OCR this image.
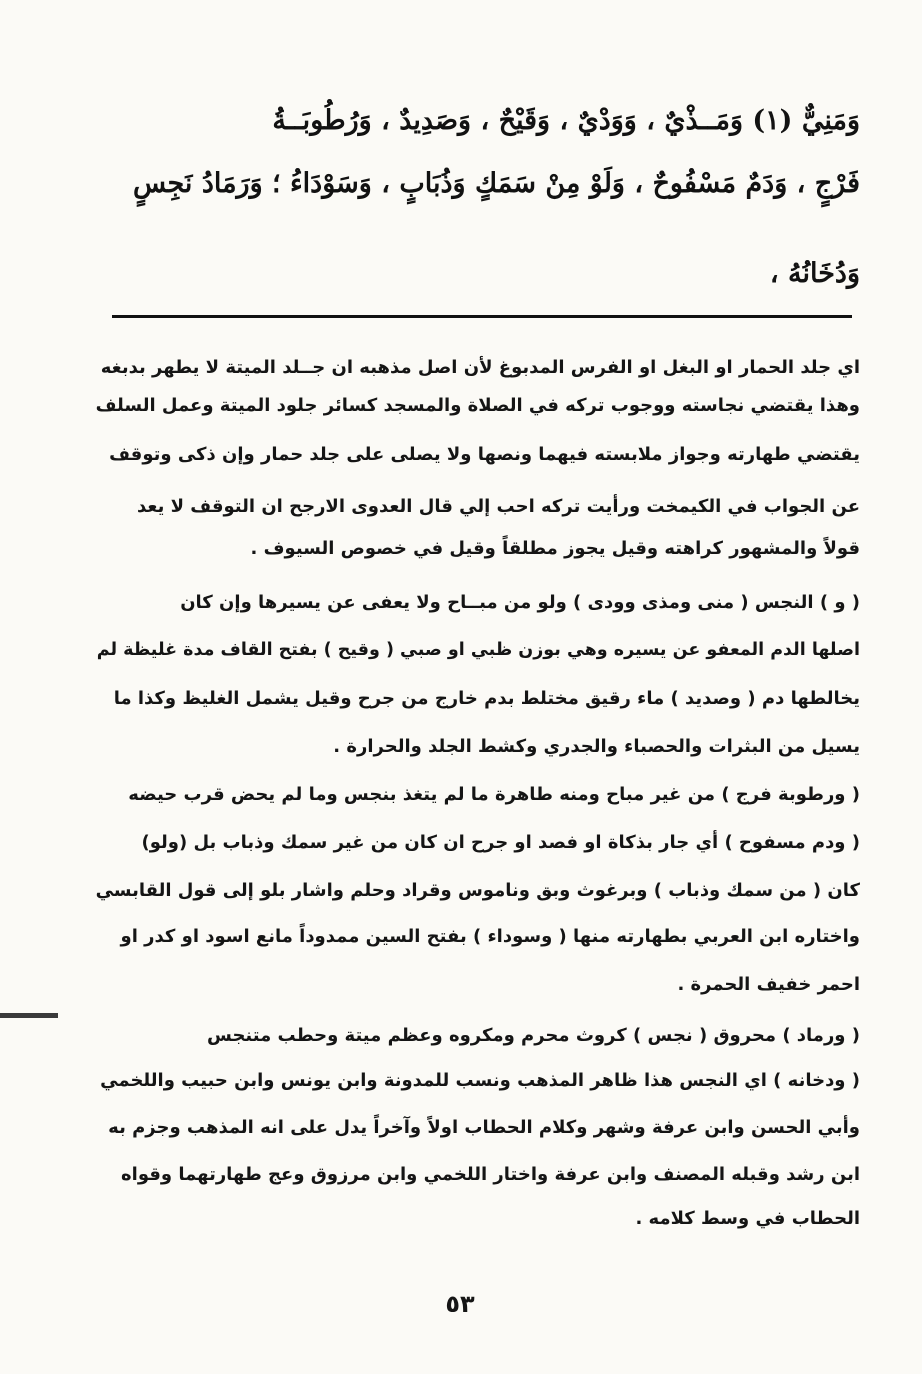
وَمَنِيٌّ (١) وَمَــذْيٌ ، وَوَدْيٌ ، وَقَيْحٌ ، وَصَدِيدٌ ، وَرُطُوبَــةُ
فَرْجٍ ، وَدَمٌ مَسْفُوحٌ ، وَلَوْ مِنْ سَمَكٍ وَذُبَابٍ ، وَسَوْدَاءُ ؛ وَرَمَادُ نَجِسٍ
وَدُخَانُهُ ،
اي جلد الحمار او البغل او الفرس المدبوغ لأن اصل مذهبه ان جــلد الميتة لا يطهر بدبغه
وهذا يقتضي نجاسته ووجوب تركه في الصلاة والمسجد كسائر جلود الميتة وعمل السلف
يقتضي طهارته وجواز ملابسته فيهما ونصها ولا يصلى على جلد حمار وإن ذكى وتوقف
عن الجواب في الكيمخت ورأيت تركه احب إلي قال العدوى الارجح ان التوقف لا يعد
قولاً والمشهور كراهته وقيل يجوز مطلقاً وقيل في خصوص السيوف .
( و ) النجس ( منى ومذى وودى ) ولو من مبــاح ولا يعفى عن يسيرها وإن كان
اصلها الدم المعفو عن يسيره وهي بوزن ظبي او صبي ( وقيح ) بفتح القاف مدة غليظة لم
يخالطها دم ( وصديد ) ماء رقيق مختلط بدم خارج من جرح وقيل يشمل الغليظ وكذا ما
يسيل من البثرات والحصباء والجدري وكشط الجلد والحرارة .
( ورطوبة فرج ) من غير مباح ومنه طاهرة ما لم يتغذ بنجس وما لم يحض قرب حيضه
( ودم مسفوح ) أي جار بذكاة او فصد او جرح ان كان من غير سمك وذباب بل (ولو)
كان ( من سمك وذباب ) وبرغوث وبق وناموس وقراد وحلم واشار بلو إلى قول القابسي
واختاره ابن العربي بطهارته منها ( وسوداء ) بفتح السين ممدوداً مانع اسود او كدر او
احمر خفيف الحمرة .
( ورماد ) محروق ( نجس ) كروث محرم ومكروه وعظم ميتة وحطب متنجس
( ودخانه ) اي النجس هذا ظاهر المذهب ونسب للمدونة وابن يونس وابن حبيب واللخمي
وأبي الحسن وابن عرفة وشهر وكلام الحطاب اولاً وآخراً يدل على انه المذهب وجزم به
ابن رشد وقبله المصنف وابن عرفة واختار اللخمي وابن مرزوق وعج طهارتهما وقواه
الحطاب في وسط كلامه .
٥٣
